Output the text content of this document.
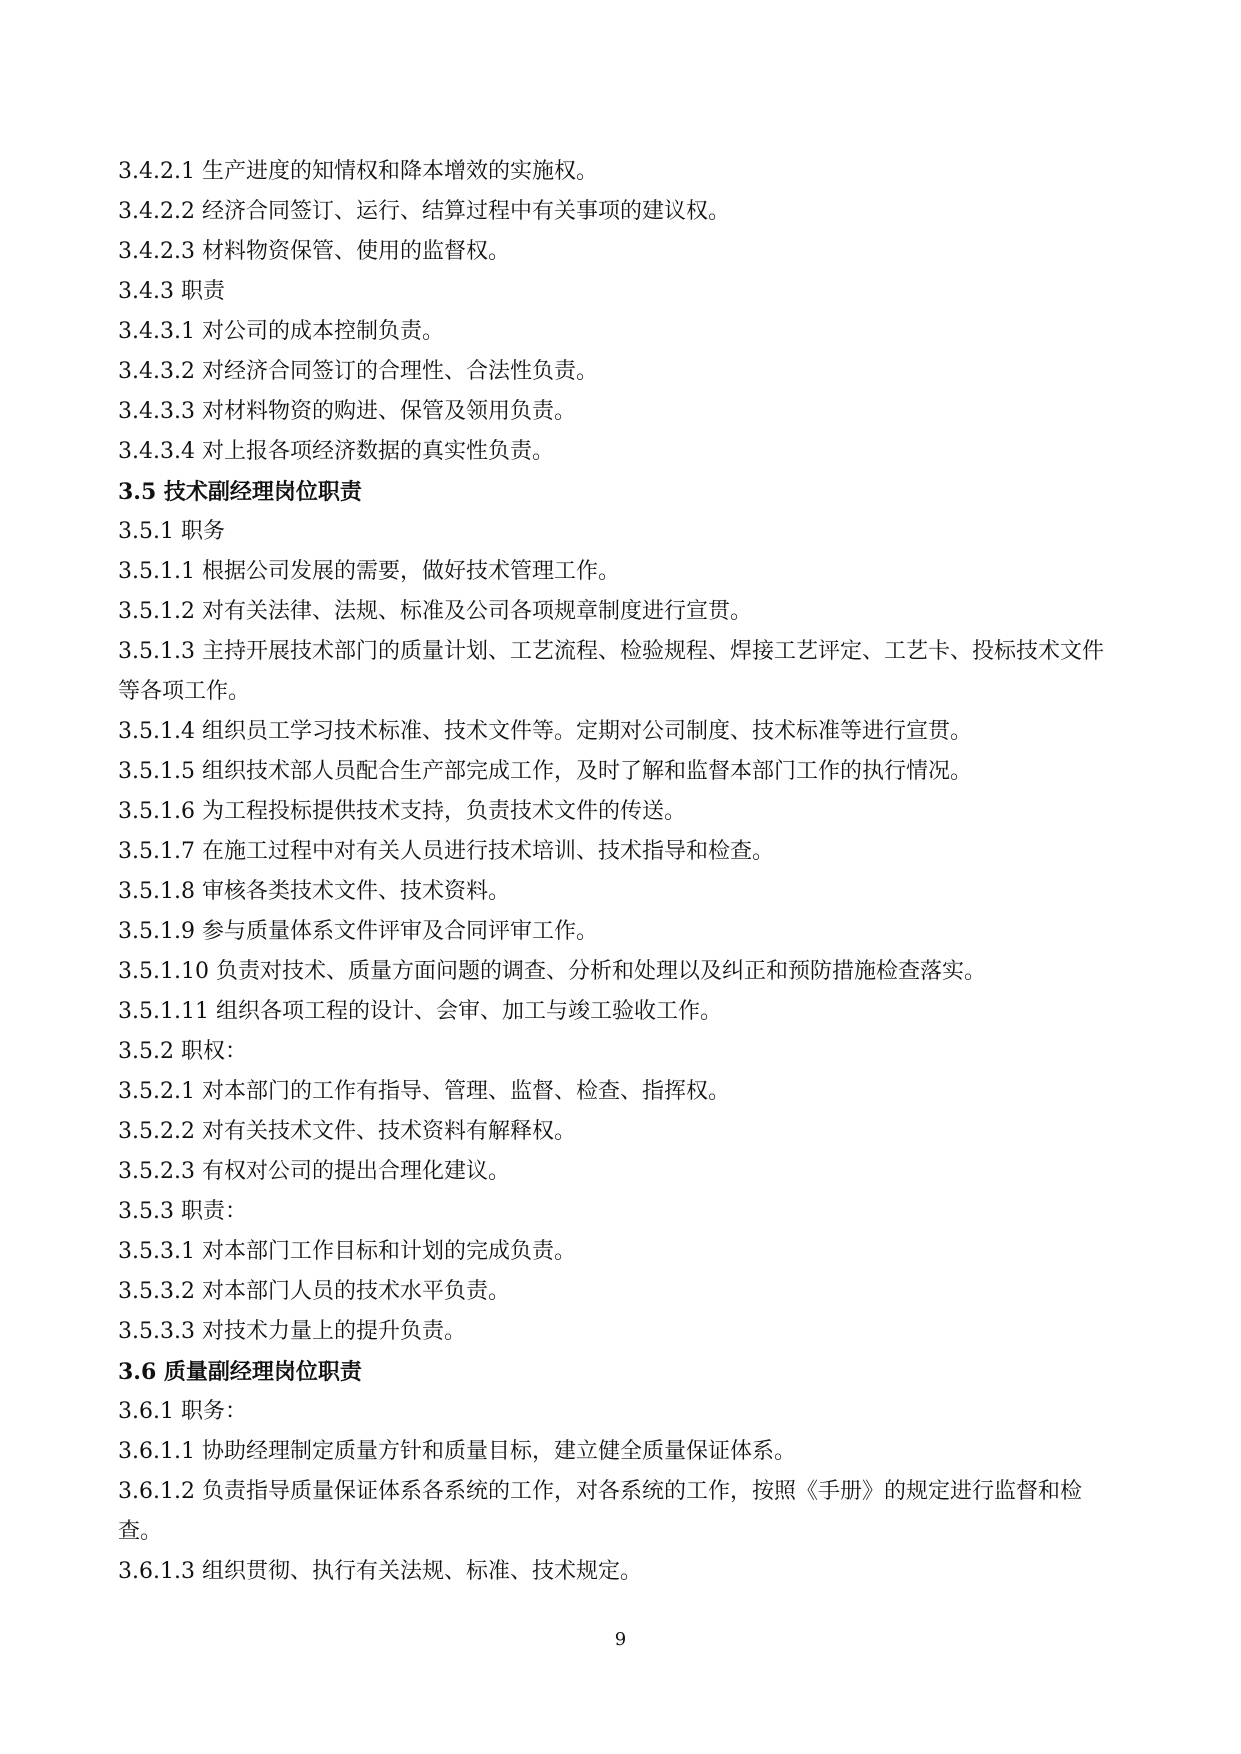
3.4.2.1 生产进度的知情权和降本增效的实施权。
3.4.2.2 经济合同签订、运行、结算过程中有关事项的建议权。
3.4.2.3 材料物资保管、使用的监督权。
3.4.3 职责
3.4.3.1 对公司的成本控制负责。
3.4.3.2 对经济合同签订的合理性、合法性负责。
3.4.3.3 对材料物资的购进、保管及领用负责。
3.4.3.4 对上报各项经济数据的真实性负责。
3.5 技术副经理岗位职责
3.5.1 职务
3.5.1.1 根据公司发展的需要，做好技术管理工作。
3.5.1.2 对有关法律、法规、标准及公司各项规章制度进行宣贯。
3.5.1.3 主持开展技术部门的质量计划、工艺流程、检验规程、焊接工艺评定、工艺卡、投标技术文件等各项工作。
3.5.1.4 组织员工学习技术标准、技术文件等。定期对公司制度、技术标准等进行宣贯。
3.5.1.5 组织技术部人员配合生产部完成工作，及时了解和监督本部门工作的执行情况。
3.5.1.6 为工程投标提供技术支持，负责技术文件的传送。
3.5.1.7 在施工过程中对有关人员进行技术培训、技术指导和检查。
3.5.1.8 审核各类技术文件、技术资料。
3.5.1.9 参与质量体系文件评审及合同评审工作。
3.5.1.10 负责对技术、质量方面问题的调查、分析和处理以及纠正和预防措施检查落实。
3.5.1.11 组织各项工程的设计、会审、加工与竣工验收工作。
3.5.2 职权：
3.5.2.1 对本部门的工作有指导、管理、监督、检查、指挥权。
3.5.2.2 对有关技术文件、技术资料有解释权。
3.5.2.3 有权对公司的提出合理化建议。
3.5.3 职责：
3.5.3.1 对本部门工作目标和计划的完成负责。
3.5.3.2 对本部门人员的技术水平负责。
3.5.3.3 对技术力量上的提升负责。
3.6 质量副经理岗位职责
3.6.1 职务：
3.6.1.1 协助经理制定质量方针和质量目标，建立健全质量保证体系。
3.6.1.2 负责指导质量保证体系各系统的工作，对各系统的工作，按照《手册》的规定进行监督和检查。
3.6.1.3 组织贯彻、执行有关法规、标准、技术规定。
9
